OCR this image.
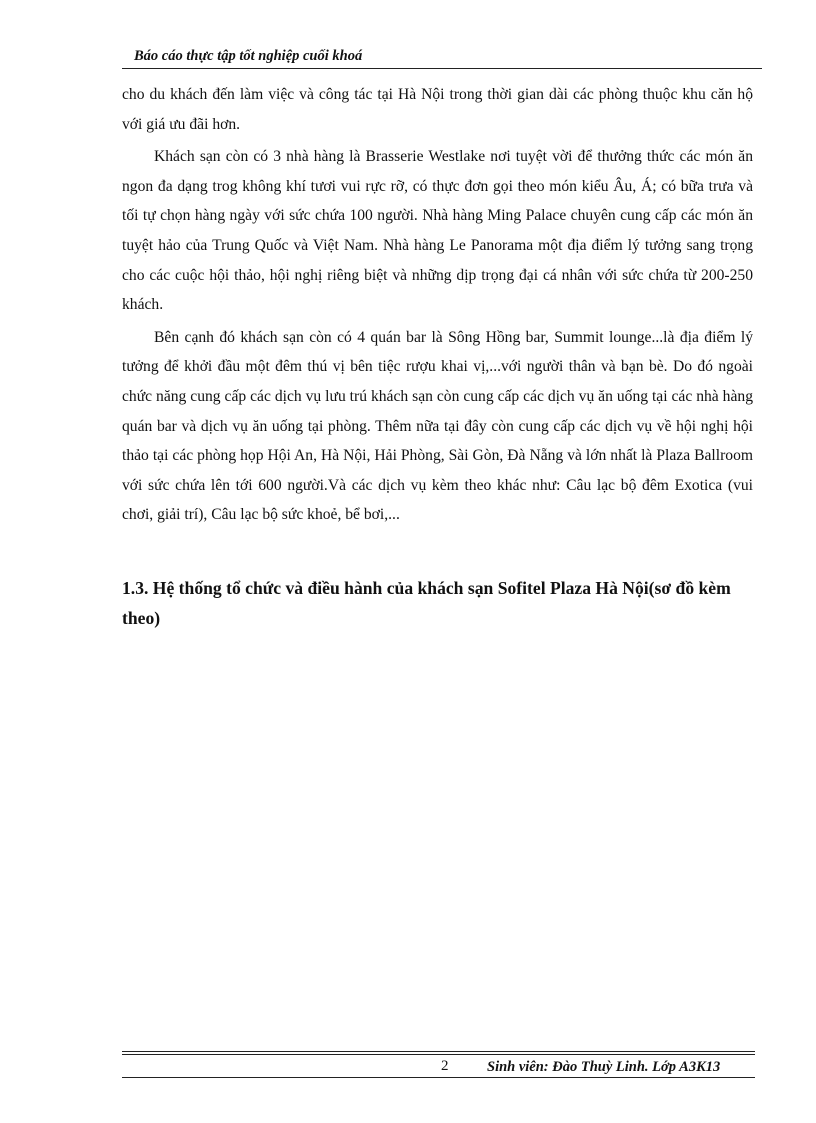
Báo cáo thực tập tốt nghiệp cuối khoá

cho du khách đến làm việc và công tác tại Hà Nội trong thời gian dài các phòng thuộc khu căn hộ với giá ưu đãi hơn.

Khách sạn còn có 3 nhà hàng là Brasserie Westlake nơi tuyệt vời để thưởng thức các món ăn ngon đa dạng trog không khí tươi vui rực rỡ, có thực đơn gọi theo món kiểu Âu, Á; có bữa trưa và tối tự chọn hàng ngày với sức chứa 100 người. Nhà hàng Ming Palace chuyên cung cấp các món ăn tuyệt hảo của Trung Quốc và Việt Nam. Nhà hàng Le Panorama một địa điểm lý tưởng sang trọng cho các cuộc hội thảo, hội nghị riêng biệt và những dịp trọng đại cá nhân với sức chứa từ 200-250 khách.

Bên cạnh đó khách sạn còn có 4 quán bar là Sông Hồng bar, Summit lounge...là địa điểm lý tưởng để khởi đầu một đêm thú vị bên tiệc rượu khai vị,...với người thân và bạn bè. Do đó ngoài chức năng cung cấp các dịch vụ lưu trú khách sạn còn cung cấp các dịch vụ ăn uống tại các nhà hàng quán bar và dịch vụ ăn uống tại phòng. Thêm nữa tại đây còn cung cấp các dịch vụ về hội nghị hội thảo tại các phòng họp Hội An, Hà Nội, Hải Phòng, Sài Gòn, Đà Nẵng và lớn nhất là Plaza Ballroom với sức chứa lên tới 600 người.Và các dịch vụ kèm theo khác như: Câu lạc bộ đêm Exotica (vui chơi, giải trí), Câu lạc bộ sức khoẻ, bể bơi,...

1.3. Hệ thống tổ chức và điều hành của khách sạn Sofitel Plaza Hà Nội(sơ đồ kèm theo)
2	Sinh viên: Đào Thuỳ Linh. Lớp A3K13
